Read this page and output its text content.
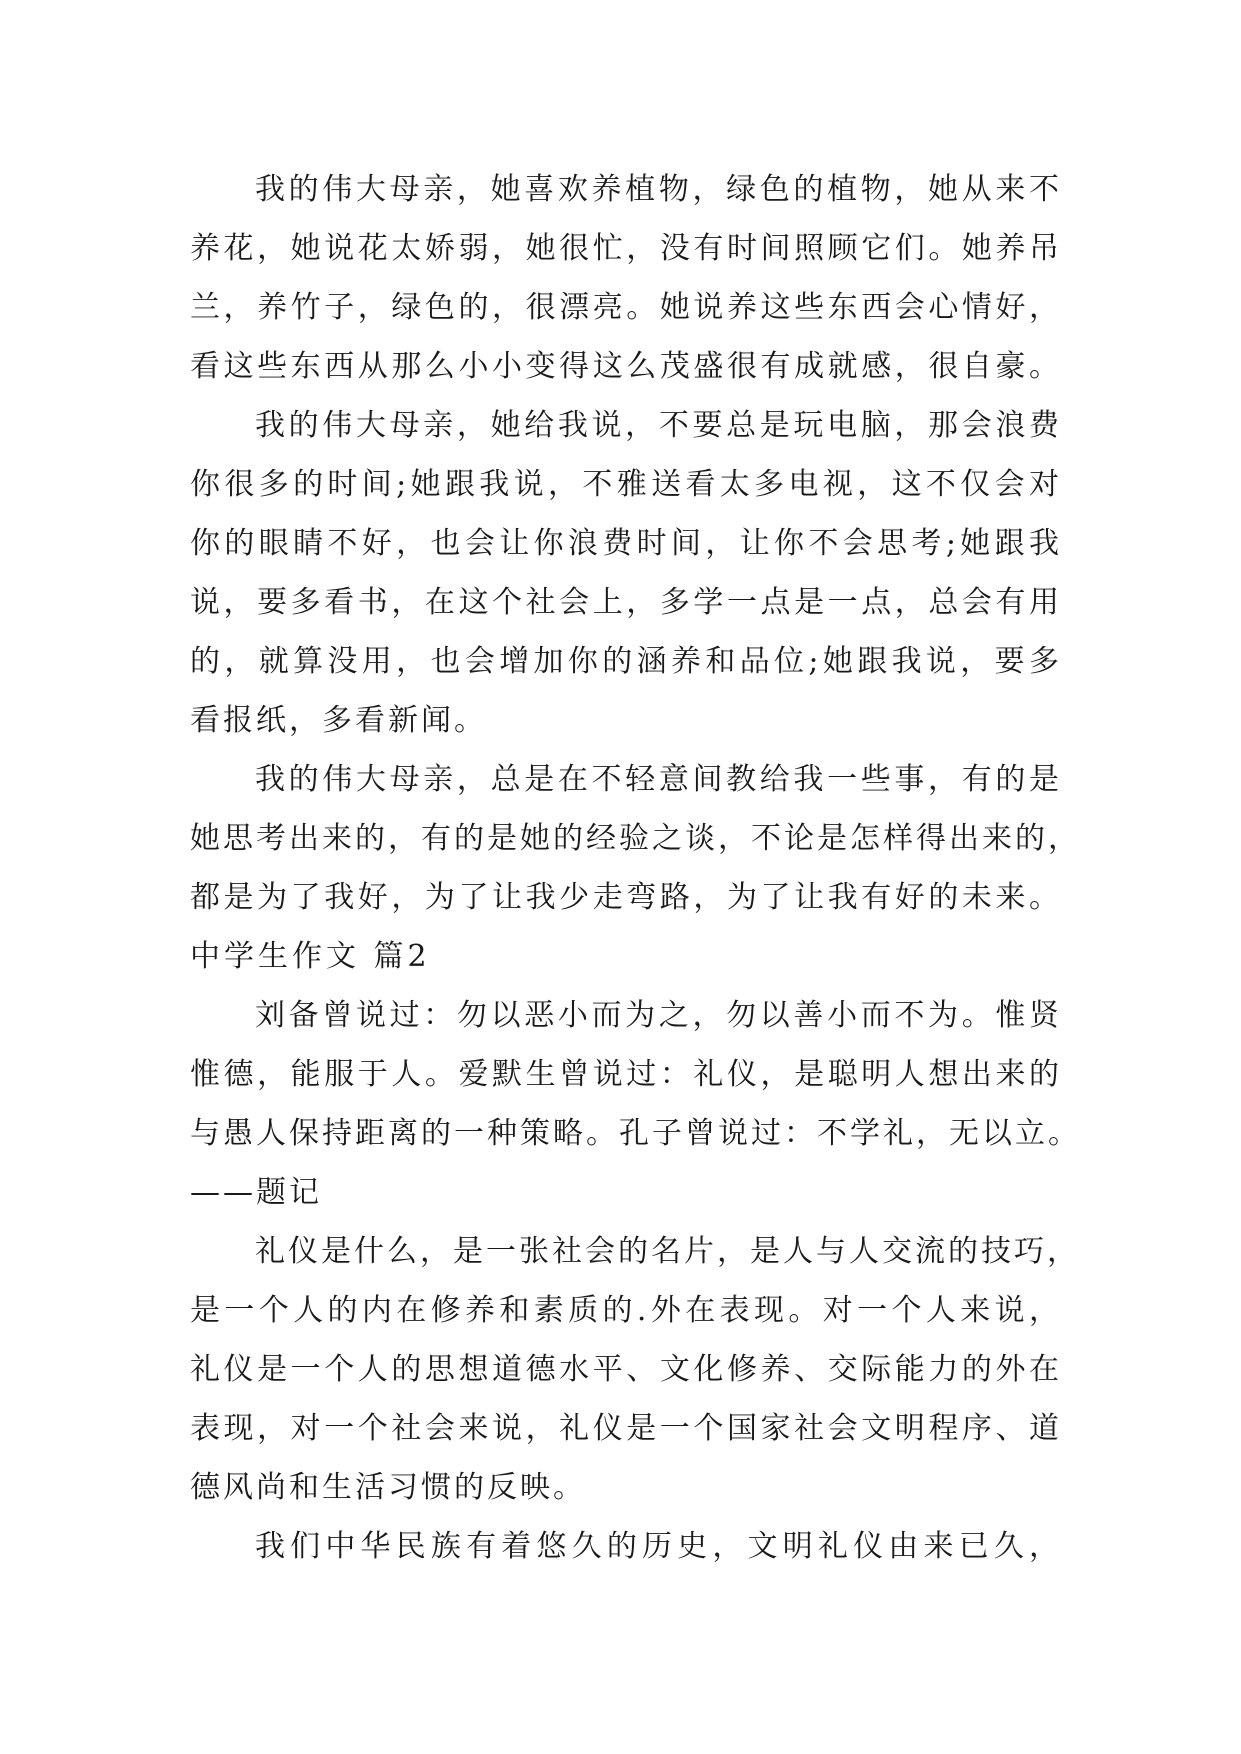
我的伟大母亲，她喜欢养植物，绿色的植物，她从来不
养花，她说花太娇弱，她很忙，没有时间照顾它们。她养吊
兰，养竹子，绿色的，很漂亮。她说养这些东西会心情好，
看这些东西从那么小小变得这么茂盛很有成就感，很自豪。
我的伟大母亲，她给我说，不要总是玩电脑，那会浪费
你很多的时间;她跟我说，不雅送看太多电视，这不仅会对
你的眼睛不好，也会让你浪费时间，让你不会思考;她跟我
说，要多看书，在这个社会上，多学一点是一点，总会有用
的，就算没用，也会增加你的涵养和品位;她跟我说，要多
看报纸，多看新闻。
我的伟大母亲，总是在不轻意间教给我一些事，有的是
她思考出来的，有的是她的经验之谈，不论是怎样得出来的，
都是为了我好，为了让我少走弯路，为了让我有好的未来。
中学生作文 篇2
刘备曾说过：勿以恶小而为之，勿以善小而不为。惟贤
惟德，能服于人。爱默生曾说过：礼仪，是聪明人想出来的
与愚人保持距离的一种策略。孔子曾说过：不学礼，无以立。
——题记
礼仪是什么，是一张社会的名片，是人与人交流的技巧，
是一个人的内在修养和素质的.外在表现。对一个人来说，
礼仪是一个人的思想道德水平、文化修养、交际能力的外在
表现，对一个社会来说，礼仪是一个国家社会文明程序、道
德风尚和生活习惯的反映。
我们中华民族有着悠久的历史，文明礼仪由来已久，
